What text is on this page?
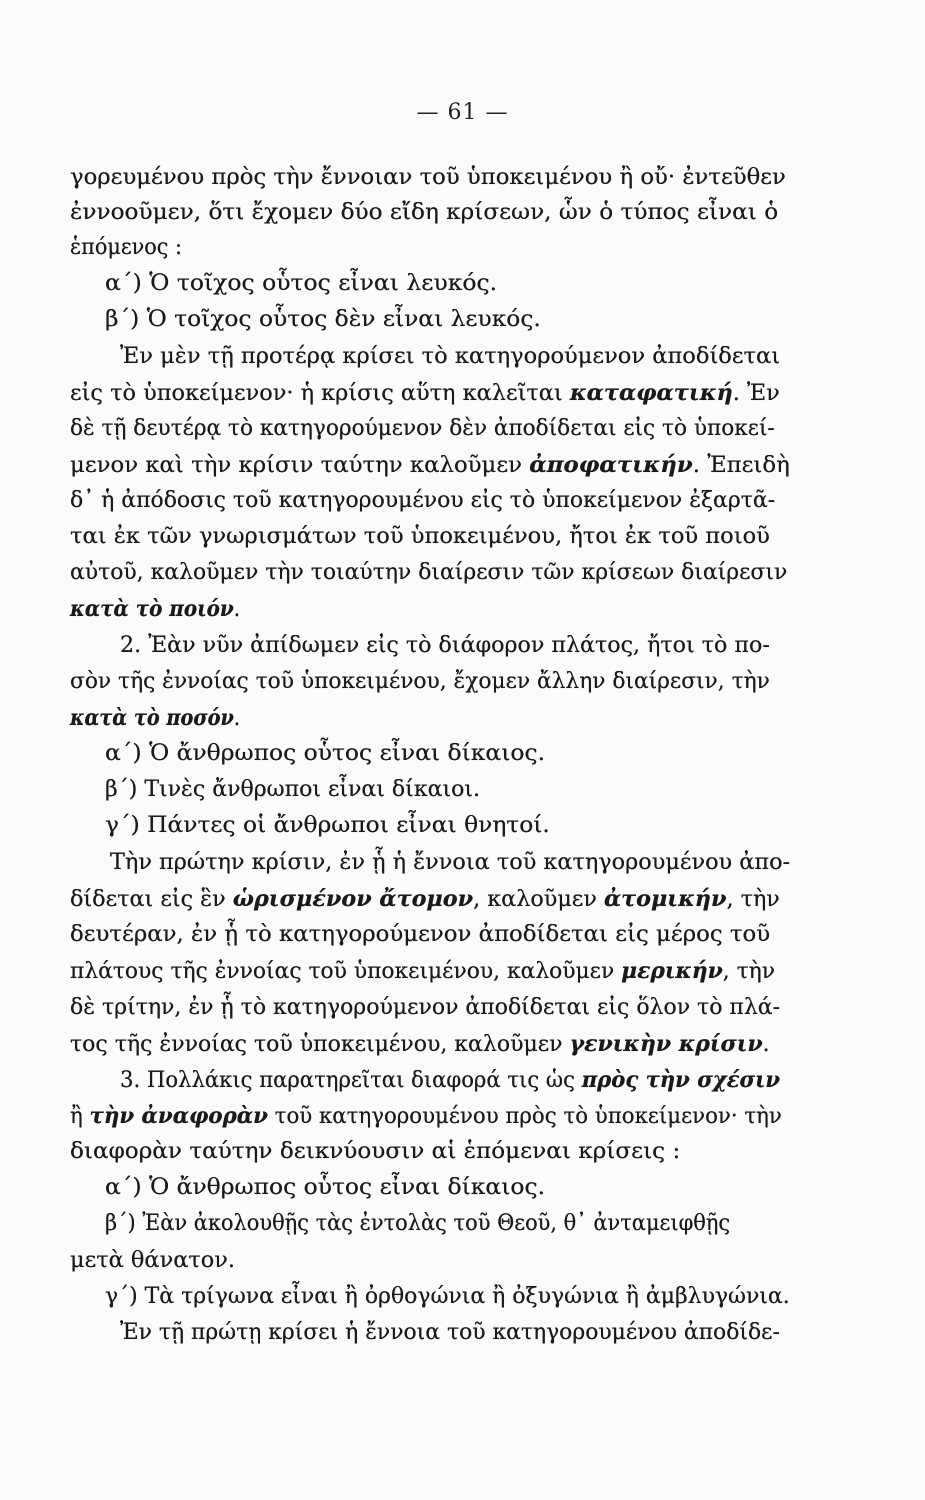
— 61 —
γορευμένου πρὸς τὴν ἔννοιαν τοῦ ὑποκειμένου ἢ οὔ· ἐντεῦθεν
ἐννοοῦμεν, ὅτι ἔχομεν δύο εἴδη κρίσεων, ὧν ὁ τύπος εἶναι ὁ
ἑπόμενος :
α΄) Ὁ τοῖχος οὗτος εἶναι λευκός.
β΄) Ὁ τοῖχος οὗτος δὲν εἶναι λευκός.
Ἐν μὲν τῇ προτέρᾳ κρίσει τὸ κατηγορούμενον ἀποδίδεται
εἰς τὸ ὑποκείμενον· ἡ κρίσις αὕτη καλεῖται καταφατική. Ἐν
δὲ τῇ δευτέρᾳ τὸ κατηγορούμενον δὲν ἀποδίδεται εἰς τὸ ὑποκεί-
μενον καὶ τὴν κρίσιν ταύτην καλοῦμεν ἀποφατικήν. Ἐπειδὴ
δ᾽ ἡ ἀπόδοσις τοῦ κατηγορουμένου εἰς τὸ ὑποκείμενον ἐξαρτᾶ-
ται ἐκ τῶν γνωρισμάτων τοῦ ὑποκειμένου, ἤτοι ἐκ τοῦ ποιοῦ
αὐτοῦ, καλοῦμεν τὴν τοιαύτην διαίρεσιν τῶν κρίσεων διαίρεσιν
κατὰ τὸ ποιόν.
2. Ἐὰν νῦν ἀπίδωμεν εἰς τὸ διάφορον πλάτος, ἤτοι τὸ πο-
σὸν τῆς ἐννοίας τοῦ ὑποκειμένου, ἔχομεν ἄλλην διαίρεσιν, τὴν
κατὰ τὸ ποσόν.
α΄) Ὁ ἄνθρωπος οὗτος εἶναι δίκαιος.
β΄) Τινὲς ἄνθρωποι εἶναι δίκαιοι.
γ΄) Πάντες οἱ ἄνθρωποι εἶναι θνητοί.
Τὴν πρώτην κρίσιν, ἐν ᾗ ἡ ἔννοια τοῦ κατηγορουμένου ἀπο-
δίδεται εἰς ἓν ὡρισμένον ἄτομον, καλοῦμεν ἀτομικήν, τὴν
δευτέραν, ἐν ᾗ τὸ κατηγορούμενον ἀποδίδεται εἰς μέρος τοῦ
πλάτους τῆς ἐννοίας τοῦ ὑποκειμένου, καλοῦμεν μερικήν, τὴν
δὲ τρίτην, ἐν ᾗ τὸ κατηγορούμενον ἀποδίδεται εἰς ὅλον τὸ πλά-
τος τῆς ἐννοίας τοῦ ὑποκειμένου, καλοῦμεν γενικὴν κρίσιν.
3. Πολλάκις παρατηρεῖται διαφορά τις ὡς πρὸς τὴν σχέσιν
ἢ τὴν ἀναφορὰν τοῦ κατηγορουμένου πρὸς τὸ ὑποκείμενον· τὴν
διαφορὰν ταύτην δεικνύουσιν αἱ ἑπόμεναι κρίσεις :
α΄) Ὁ ἄνθρωπος οὗτος εἶναι δίκαιος.
β΄) Ἐὰν ἀκολουθῇς τὰς ἐντολὰς τοῦ Θεοῦ, θ᾽ ἀνταμειφθῇς
μετὰ θάνατον.
γ΄) Τὰ τρίγωνα εἶναι ἢ ὀρθογώνια ἢ ὀξυγώνια ἢ ἀμβλυγώνια.
Ἐν τῇ πρώτῃ κρίσει ἡ ἔννοια τοῦ κατηγορουμένου ἀποδίδε-
